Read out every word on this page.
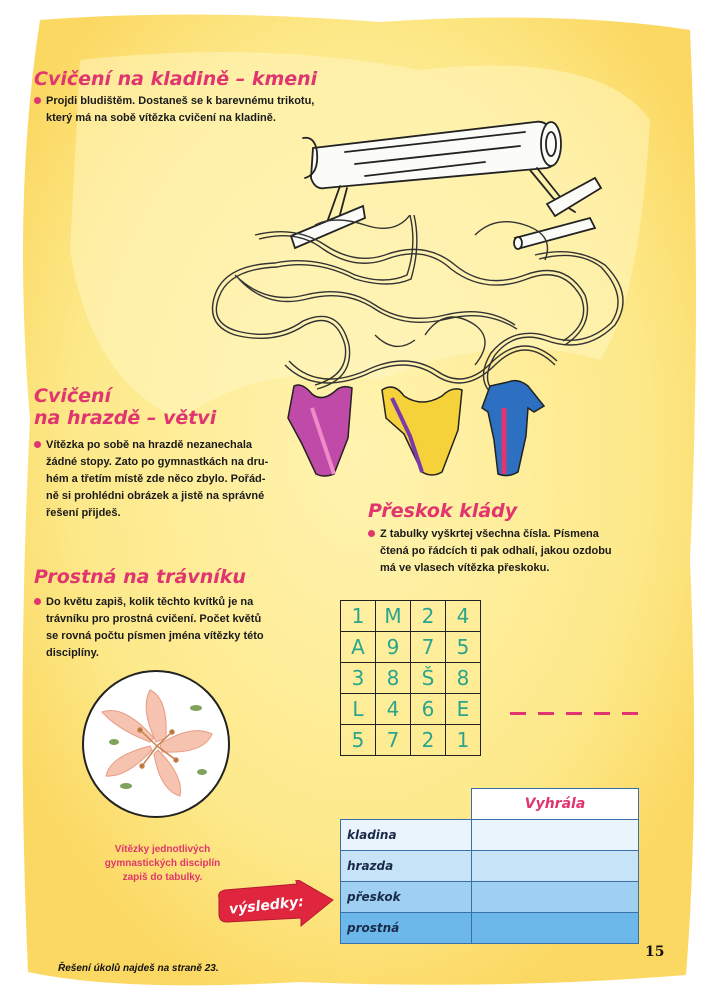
Cvičení na kladině – kmeni
Projdi bludištěm. Dostaneš se k barevnému trikotu,
který má na sobě vítězka cvičení na kladině.
Cvičení
na hrazdě – větvi
Vítězka po sobě na hrazdě nezanechala
žádné stopy. Zato po gymnastkách na dru-
hém a třetím místě zde něco zbylo. Pořád-
ně si prohlédni obrázek a jistě na správné
řešení přijdeš.	Přeskok klády
Z tabulky vyškrtej všechna čísla. Písmena
čtená po řádcích ti pak odhalí, jakou ozdobu
má ve vlasech vítězka přeskoku.
1	M	2	4
A	9	7	5
3	8	Š	8
L	4	6	E
5	7	2	1
Prostná na trávníku
Do květu zapiš, kolik těchto kvítků je na
trávníku pro prostná cvičení. Počet květů
se rovná počtu písmen jména vítězky této
disciplíny.
	Vyhrála
kladina	
hrazda	
přeskok	
prostná	
Vítězky jednotlivých
gymnastických disciplín
zapiš do tabulky.
výsledky:
Řešení úkolů najdeš na straně 23.
15
